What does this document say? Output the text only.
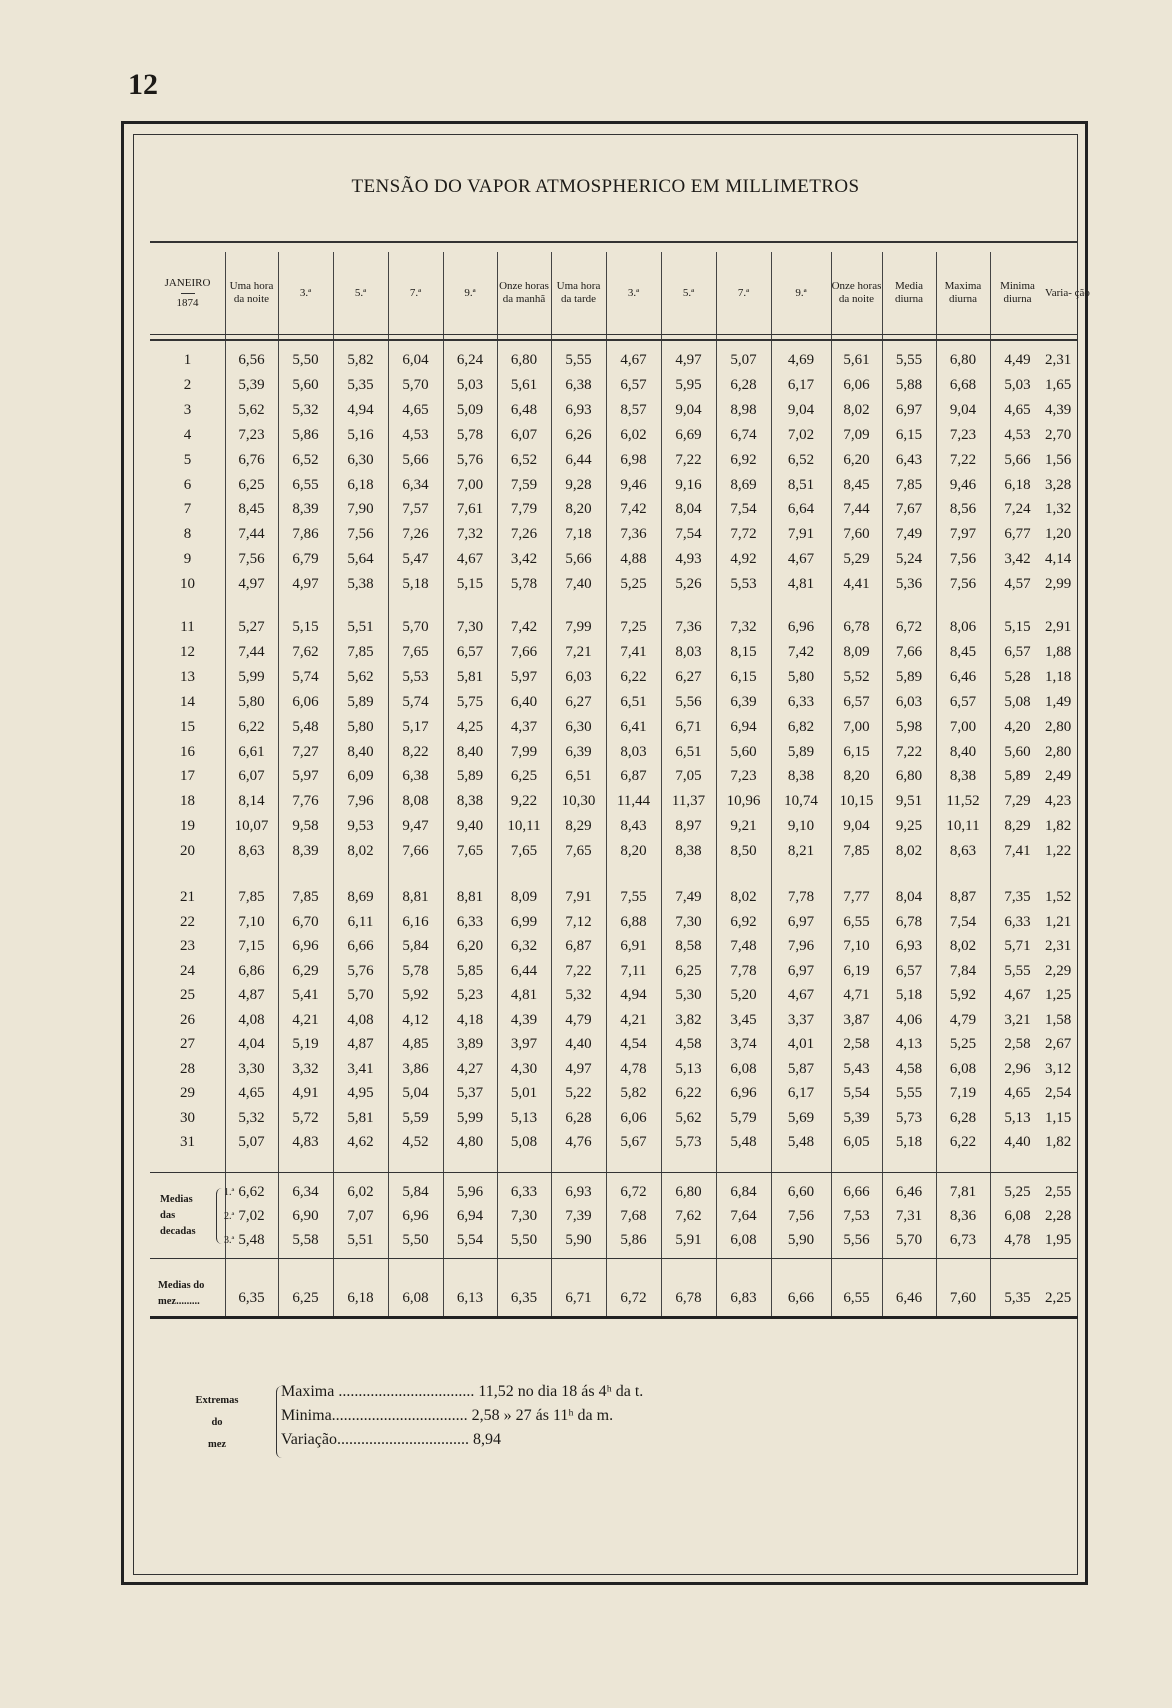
12
TENSÃO DO VAPOR ATMOSPHERICO EM MILLIMETROS
JANEIRO
1874
Uma hora da noite
3.ª	5.ª	7.ª	9.ª
Onze horas da manhã
Uma hora da tarde
3.ª	5.ª	7.ª	9.ª
Onze horas da noite
Media diurna
Maxima diurna
Minima diurna
Varia- ção
1	6,56	5,50	5,82	6,04	6,24	6,80	5,55	4,67	4,97	5,07	4,69	5,61	5,55	6,80	4,49 2,31
2	5,39	5,60	5,35	5,70	5,03	5,61	6,38	6,57	5,95	6,28	6,17	6,06	5,88	6,68	5,03 1,65
3	5,62	5,32	4,94	4,65	5,09	6,48	6,93	8,57	9,04	8,98	9,04	8,02	6,97	9,04	4,65 4,39
4	7,23	5,86	5,16	4,53	5,78	6,07	6,26	6,02	6,69	6,74	7,02	7,09	6,15	7,23	4,53 2,70
5	6,76	6,52	6,30	5,66	5,76	6,52	6,44	6,98	7,22	6,92	6,52	6,20	6,43	7,22	5,66 1,56
6	6,25	6,55	6,18	6,34	7,00	7,59	9,28	9,46	9,16	8,69	8,51	8,45	7,85	9,46	6,18 3,28
7	8,45	8,39	7,90	7,57	7,61	7,79	8,20	7,42	8,04	7,54	6,64	7,44	7,67	8,56	7,24 1,32
8	7,44	7,86	7,56	7,26	7,32	7,26	7,18	7,36	7,54	7,72	7,91	7,60	7,49	7,97	6,77 1,20
9	7,56	6,79	5,64	5,47	4,67	3,42	5,66	4,88	4,93	4,92	4,67	5,29	5,24	7,56	3,42 4,14
10	4,97	4,97	5,38	5,18	5,15	5,78	7,40	5,25	5,26	5,53	4,81	4,41	5,36	7,56	4,57 2,99
11	5,27	5,15	5,51	5,70	7,30	7,42	7,99	7,25	7,36	7,32	6,96	6,78	6,72	8,06	5,15 2,91
12	7,44	7,62	7,85	7,65	6,57	7,66	7,21	7,41	8,03	8,15	7,42	8,09	7,66	8,45	6,57 1,88
13	5,99	5,74	5,62	5,53	5,81	5,97	6,03	6,22	6,27	6,15	5,80	5,52	5,89	6,46	5,28 1,18
14	5,80	6,06	5,89	5,74	5,75	6,40	6,27	6,51	5,56	6,39	6,33	6,57	6,03	6,57	5,08 1,49
15	6,22	5,48	5,80	5,17	4,25	4,37	6,30	6,41	6,71	6,94	6,82	7,00	5,98	7,00	4,20 2,80
16	6,61	7,27	8,40	8,22	8,40	7,99	6,39	8,03	6,51	5,60	5,89	6,15	7,22	8,40	5,60 2,80
17	6,07	5,97	6,09	6,38	5,89	6,25	6,51	6,87	7,05	7,23	8,38	8,20	6,80	8,38	5,89 2,49
18	8,14	7,76	7,96	8,08	8,38	9,22	10,30	11,44	11,37	10,96	10,74	10,15	9,51	11,52	7,29 4,23
19	10,07	9,58	9,53	9,47	9,40	10,11	8,29	8,43	8,97	9,21	9,10	9,04	9,25	10,11	8,29 1,82
20	8,63	8,39	8,02	7,66	7,65	7,65	7,65	8,20	8,38	8,50	8,21	7,85	8,02	8,63	7,41 1,22
21	7,85	7,85	8,69	8,81	8,81	8,09	7,91	7,55	7,49	8,02	7,78	7,77	8,04	8,87	7,35 1,52
22	7,10	6,70	6,11	6,16	6,33	6,99	7,12	6,88	7,30	6,92	6,97	6,55	6,78	7,54	6,33 1,21
23	7,15	6,96	6,66	5,84	6,20	6,32	6,87	6,91	8,58	7,48	7,96	7,10	6,93	8,02	5,71 2,31
24	6,86	6,29	5,76	5,78	5,85	6,44	7,22	7,11	6,25	7,78	6,97	6,19	6,57	7,84	5,55 2,29
25	4,87	5,41	5,70	5,92	5,23	4,81	5,32	4,94	5,30	5,20	4,67	4,71	5,18	5,92	4,67 1,25
26	4,08	4,21	4,08	4,12	4,18	4,39	4,79	4,21	3,82	3,45	3,37	3,87	4,06	4,79	3,21 1,58
27	4,04	5,19	4,87	4,85	3,89	3,97	4,40	4,54	4,58	3,74	4,01	2,58	4,13	5,25	2,58 2,67
28	3,30	3,32	3,41	3,86	4,27	4,30	4,97	4,78	5,13	6,08	5,87	5,43	4,58	6,08	2,96 3,12
29	4,65	4,91	4,95	5,04	5,37	5,01	5,22	5,82	6,22	6,96	6,17	5,54	5,55	7,19	4,65 2,54
30	5,32	5,72	5,81	5,59	5,99	5,13	6,28	6,06	5,62	5,79	5,69	5,39	5,73	6,28	5,13 1,15
31	5,07	4,83	4,62	4,52	4,80	5,08	4,76	5,67	5,73	5,48	5,48	6,05	5,18	6,22	4,40 1,82
Medias
das
decadas
1.ª 6,62	6,34	6,02	5,84	5,96	6,33	6,93	6,72	6,80	6,84	6,60	6,66	6,46	7,81	5,25 2,55
2.ª 7,02	6,90	7,07	6,96	6,94	7,30	7,39	7,68	7,62	7,64	7,56	7,53	7,31	8,36	6,08 2,28
3.ª 5,48	5,58	5,51	5,50	5,54	5,50	5,90	5,86	5,91	6,08	5,90	5,56	5,70	6,73	4,78 1,95
Medias do
mez.........	6,35	6,25	6,18	6,08	6,13	6,35	6,71	6,72	6,78	6,83	6,66	6,55	6,46	7,60	5,35 2,25
Extremas
do
mez
Maxima .................................. 11,52 no dia 18 ás 4ʰ da t.
Minima.................................. 2,58 » 27 ás 11ʰ da m.
Variação................................. 8,94
